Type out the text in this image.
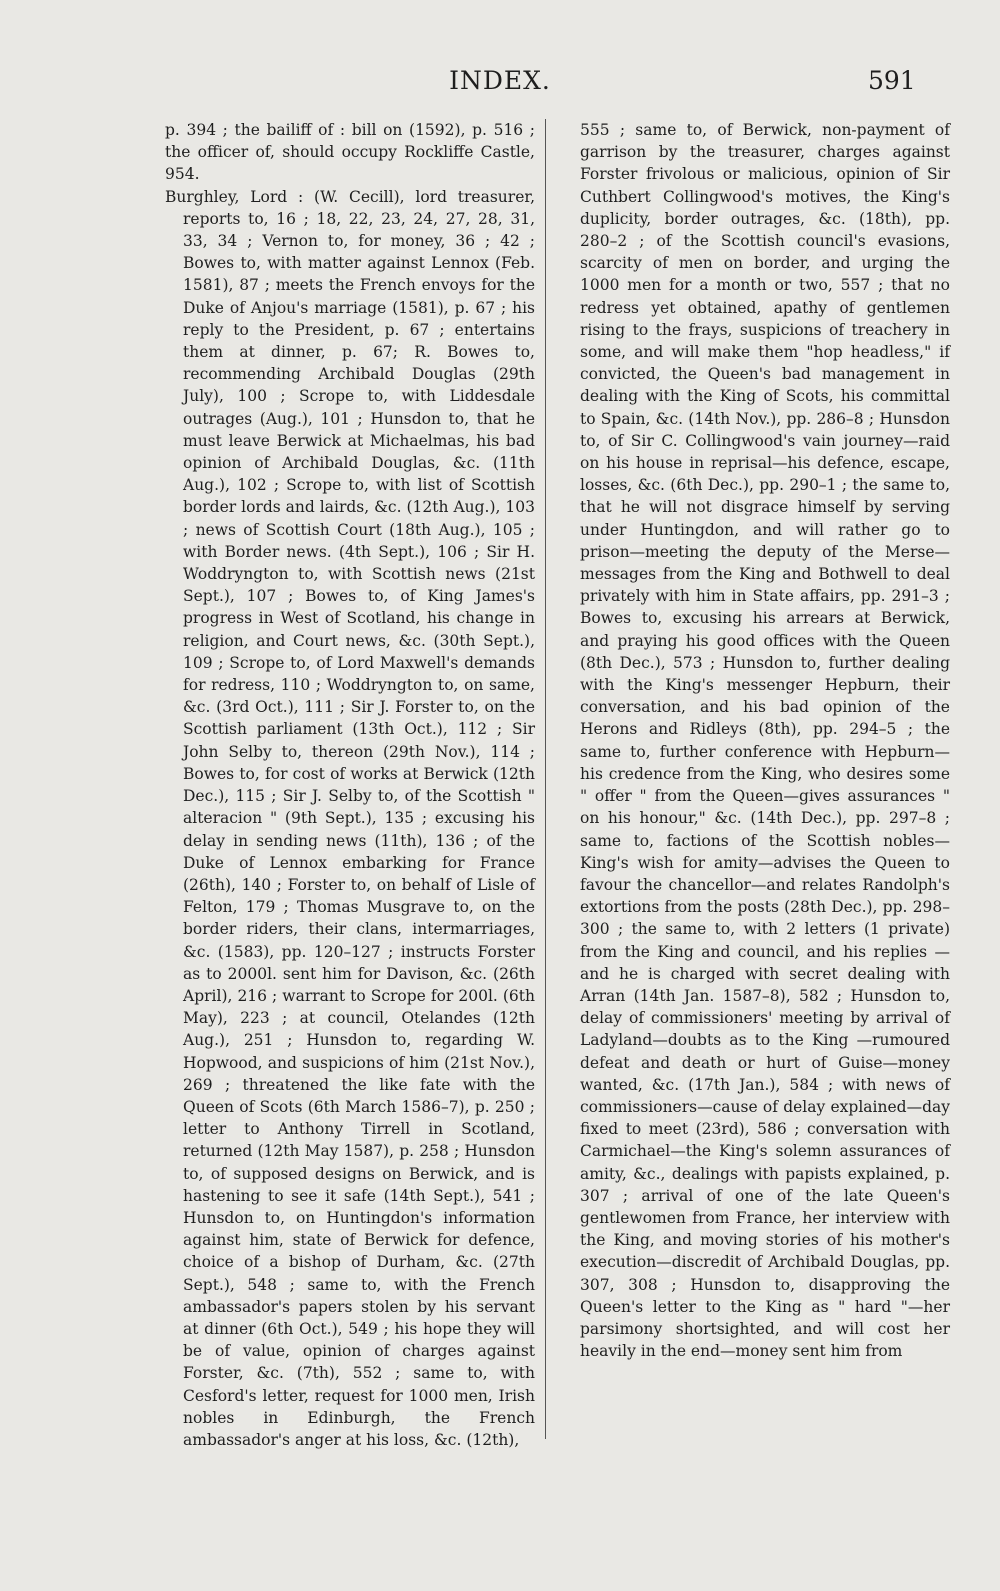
INDEX.	591

p. 394 ; the bailiff of : bill on (1592), p. 516 ; the officer of, should occupy Rockliffe Castle, 954.

Burghley, Lord : (W. Cecill), lord treasurer, reports to, 16 ; 18, 22, 23, 24, 27, 28, 31, 33, 34 ; Vernon to, for money, 36 ; 42 ; Bowes to, with matter against Lennox (Feb. 1581), 87 ; meets the French envoys for the Duke of Anjou's marriage (1581), p. 67 ; his reply to the President, p. 67 ; entertains them at dinner, p. 67; R. Bowes to, recommending Archibald Douglas (29th July), 100 ; Scrope to, with Liddesdale outrages (Aug.), 101 ; Hunsdon to, that he must leave Berwick at Michaelmas, his bad opinion of Archibald Douglas, &c. (11th Aug.), 102 ; Scrope to, with list of Scottish border lords and lairds, &c. (12th Aug.), 103 ; news of Scottish Court (18th Aug.), 105 ; with Border news. (4th Sept.), 106 ; Sir H. Woddryngton to, with Scottish news (21st Sept.), 107 ; Bowes to, of King James's progress in West of Scotland, his change in religion, and Court news, &c. (30th Sept.), 109 ; Scrope to, of Lord Maxwell's demands for redress, 110 ; Woddryngton to, on same, &c. (3rd Oct.), 111 ; Sir J. Forster to, on the Scottish parliament (13th Oct.), 112 ; Sir John Selby to, thereon (29th Nov.), 114 ; Bowes to, for cost of works at Berwick (12th Dec.), 115 ; Sir J. Selby to, of the Scottish " alteracion " (9th Sept.), 135 ; excusing his delay in sending news (11th), 136 ; of the Duke of Lennox embarking for France (26th), 140 ; Forster to, on behalf of Lisle of Felton, 179 ; Thomas Musgrave to, on the border riders, their clans, intermarriages, &c. (1583), pp. 120–127 ; instructs Forster as to 2000l. sent him for Davison, &c. (26th April), 216 ; warrant to Scrope for 200l. (6th May), 223 ; at council, Otelandes (12th Aug.), 251 ; Hunsdon to, regarding W. Hopwood, and suspicions of him (21st Nov.), 269 ; threatened the like fate with the Queen of Scots (6th March 1586–7), p. 250 ; letter to Anthony Tirrell in Scotland, returned (12th May 1587), p. 258 ; Hunsdon to, of supposed designs on Berwick, and is hastening to see it safe (14th Sept.), 541 ; Hunsdon to, on Huntingdon's information against him, state of Berwick for defence, choice of a bishop of Durham, &c. (27th Sept.), 548 ; same to, with the French ambassador's papers stolen by his servant at dinner (6th Oct.), 549 ; his hope they will be of value, opinion of charges against Forster, &c. (7th), 552 ; same to, with Cesford's letter, request for 1000 men, Irish nobles in Edinburgh, the French ambassador's anger at his loss, &c. (12th),

555 ; same to, of Berwick, non-payment of garrison by the treasurer, charges against Forster frivolous or malicious, opinion of Sir Cuthbert Collingwood's motives, the King's duplicity, border outrages, &c. (18th), pp. 280–2 ; of the Scottish council's evasions, scarcity of men on border, and urging the 1000 men for a month or two, 557 ; that no redress yet obtained, apathy of gentlemen rising to the frays, suspicions of treachery in some, and will make them "hop headless," if convicted, the Queen's bad management in dealing with the King of Scots, his committal to Spain, &c. (14th Nov.), pp. 286–8 ; Hunsdon to, of Sir C. Collingwood's vain journey—raid on his house in reprisal—his defence, escape, losses, &c. (6th Dec.), pp. 290–1 ; the same to, that he will not disgrace himself by serving under Huntingdon, and will rather go to prison—meeting the deputy of the Merse—messages from the King and Bothwell to deal privately with him in State affairs, pp. 291–3 ; Bowes to, excusing his arrears at Berwick, and praying his good offices with the Queen (8th Dec.), 573 ; Hunsdon to, further dealing with the King's messenger Hepburn, their conversation, and his bad opinion of the Herons and Ridleys (8th), pp. 294–5 ; the same to, further conference with Hepburn—his credence from the King, who desires some " offer " from the Queen—gives assurances " on his honour," &c. (14th Dec.), pp. 297–8 ; same to, factions of the Scottish nobles—King's wish for amity—advises the Queen to favour the chancellor—and relates Randolph's extortions from the posts (28th Dec.), pp. 298–300 ; the same to, with 2 letters (1 private) from the King and council, and his replies —and he is charged with secret dealing with Arran (14th Jan. 1587–8), 582 ; Hunsdon to, delay of commissioners' meeting by arrival of Ladyland—doubts as to the King —rumoured defeat and death or hurt of Guise—money wanted, &c. (17th Jan.), 584 ; with news of commissioners—cause of delay explained—day fixed to meet (23rd), 586 ; conversation with Carmichael—the King's solemn assurances of amity, &c., dealings with papists explained, p. 307 ; arrival of one of the late Queen's gentlewomen from France, her interview with the King, and moving stories of his mother's execution—discredit of Archibald Douglas, pp. 307, 308 ; Hunsdon to, disapproving the Queen's letter to the King as " hard "—her parsimony shortsighted, and will cost her heavily in the end—money sent him from
